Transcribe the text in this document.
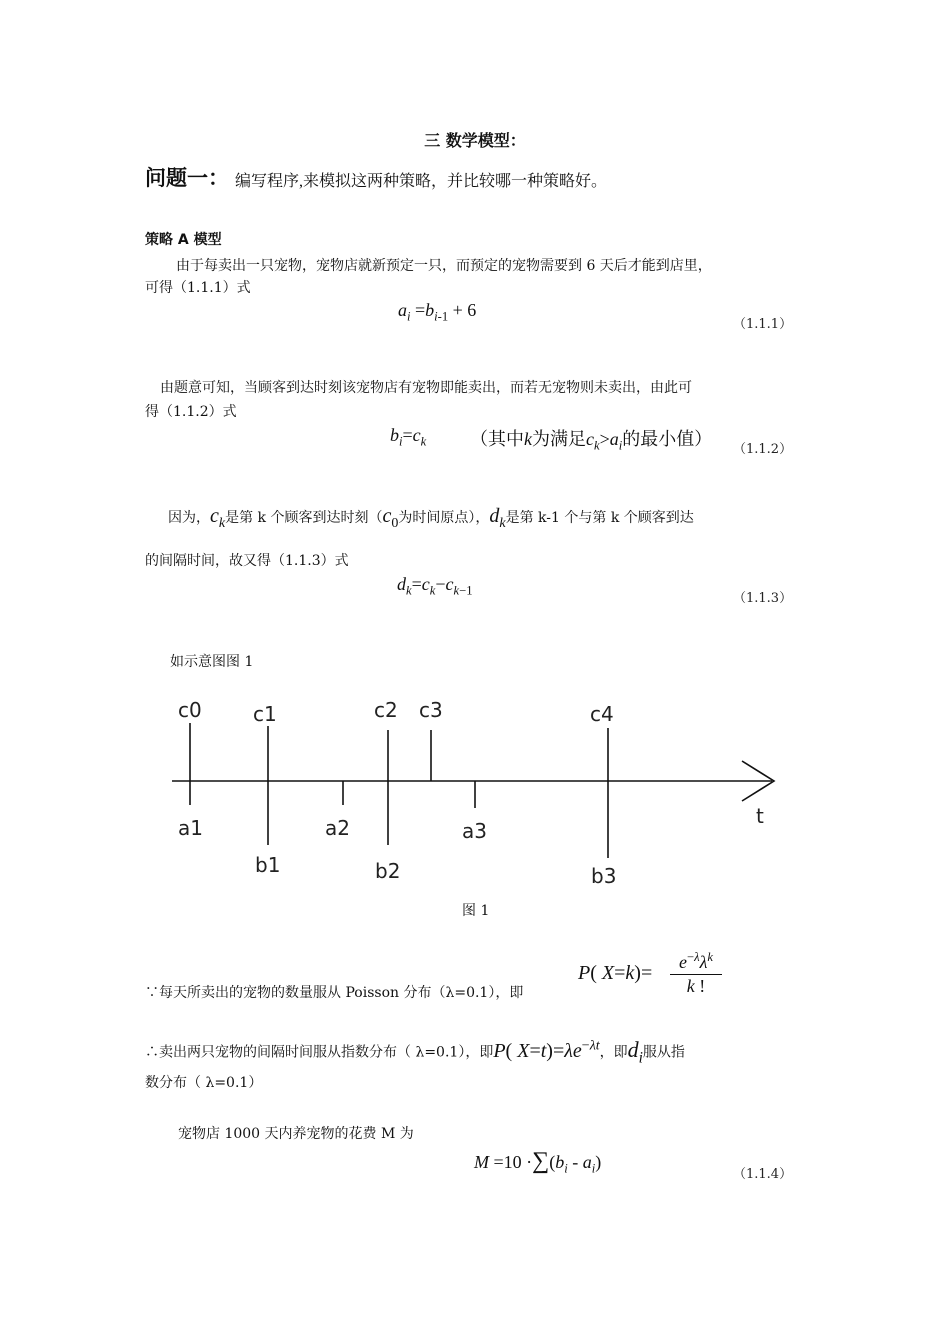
三 数学模型：
问题一： 编写程序,来模拟这两种策略，并比较哪一种策略好。
策略 A 模型
由于每卖出一只宠物，宠物店就新预定一只，而预定的宠物需要到 6 天后才能到店里，
可得（1.1.1）式
$a_i =b_{i-1} + 6$
（1.1.1）
由题意可知，当顾客到达时刻该宠物店有宠物即能卖出，而若无宠物则未卖出，由此可
得（1.1.2）式
$b_i=c_k$ （其中k为满足$c_k>a_i$的最小值）
（1.1.2）
因为，$c_k$是第 k 个顾客到达时刻（$c_0$为时间原点），$d_k$是第 k-1 个与第 k 个顾客到达
的间隔时间，故又得（1.1.3）式
$d_k=c_k-c_{k-1}$
（1.1.3）
如示意图图 1
c0	c1	c2 c3	c4
a1	a2	a3
b1	b2	b3
t
图 1
∵每天所卖出的宠物的数量服从 Poisson 分布（λ=0.1），即
P( X=k)=	$e^{-\lambda}\lambda^k$
k !
∴卖出两只宠物的间隔时间服从指数分布（ λ=0.1），即P( $X=t)=\lambda e^{-\lambda t}$，即$d_i$服从指
数分布（ λ=0.1）
宠物店 1000 天内养宠物的花费 M 为
$M =10 \cdot\sum(b_i - a_i)$
（1.1.4）
